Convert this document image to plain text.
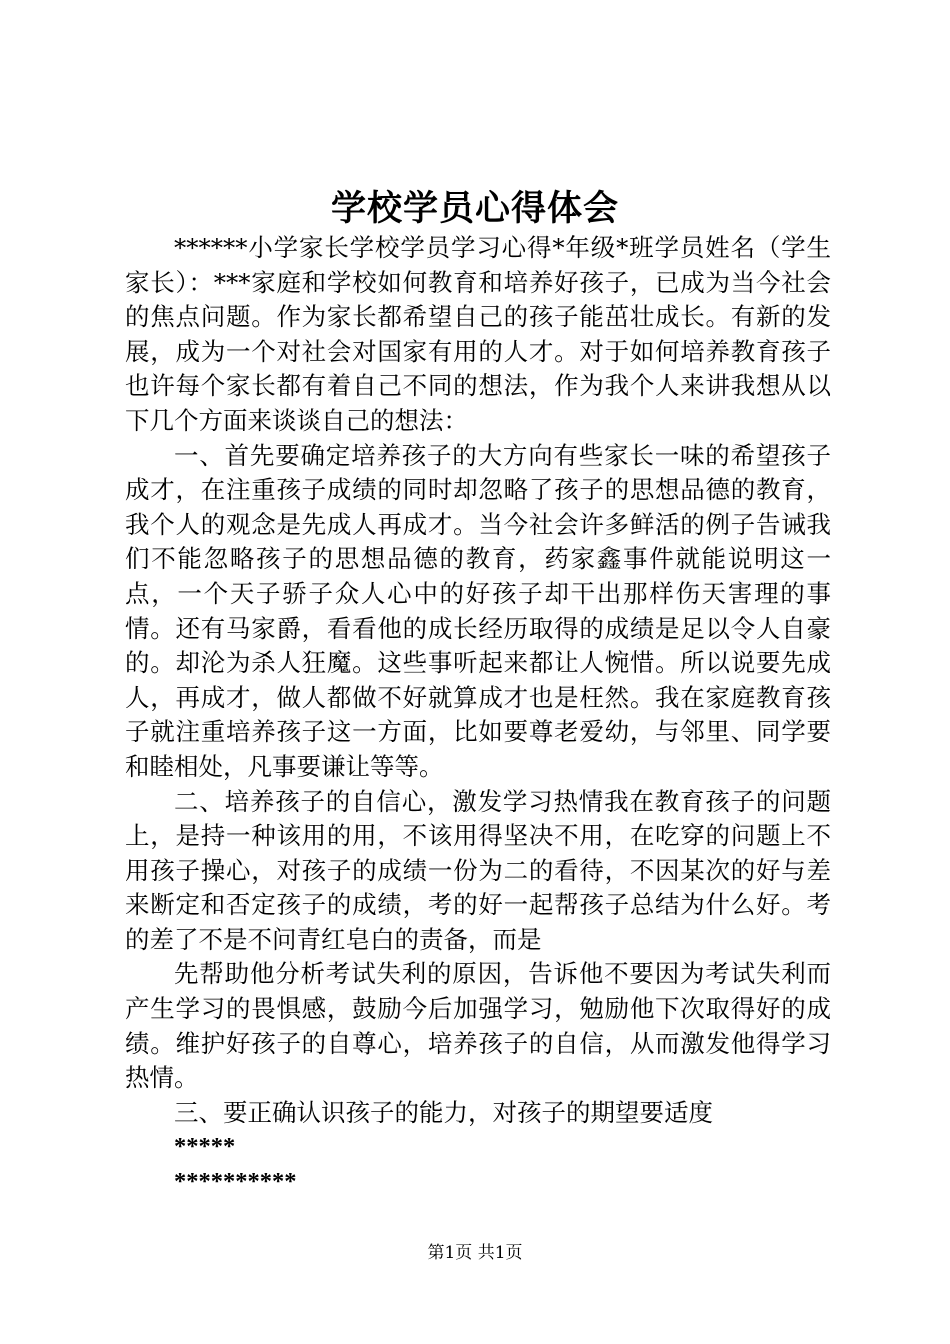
学校学员心得体会

******小学家长学校学员学习心得*年级*班学员姓名（学生家长）：***家庭和学校如何教育和培养好孩子，已成为当今社会的焦点问题。作为家长都希望自己的孩子能茁壮成长。有新的发展，成为一个对社会对国家有用的人才。对于如何培养教育孩子也许每个家长都有着自己不同的想法，作为我个人来讲我想从以下几个方面来谈谈自己的想法：

一、首先要确定培养孩子的大方向有些家长一味的希望孩子成才，在注重孩子成绩的同时却忽略了孩子的思想品德的教育，我个人的观念是先成人再成才。当今社会许多鲜活的例子告诫我们不能忽略孩子的思想品德的教育，药家鑫事件就能说明这一点，一个天子骄子众人心中的好孩子却干出那样伤天害理的事情。还有马家爵，看看他的成长经历取得的成绩是足以令人自豪的。却沦为杀人狂魔。这些事听起来都让人惋惜。所以说要先成人，再成才，做人都做不好就算成才也是枉然。我在家庭教育孩子就注重培养孩子这一方面，比如要尊老爱幼，与邻里、同学要和睦相处，凡事要谦让等等。

二、培养孩子的自信心，激发学习热情我在教育孩子的问题上，是持一种该用的用，不该用得坚决不用，在吃穿的问题上不用孩子操心，对孩子的成绩一份为二的看待，不因某次的好与差来断定和否定孩子的成绩，考的好一起帮孩子总结为什么好。考的差了不是不问青红皂白的责备，而是

先帮助他分析考试失利的原因，告诉他不要因为考试失利而产生学习的畏惧感，鼓励今后加强学习，勉励他下次取得好的成绩。维护好孩子的自尊心，培养孩子的自信，从而激发他得学习热情。

三、要正确认识孩子的能力，对孩子的期望要适度

*****

**********

第1页 共1页
